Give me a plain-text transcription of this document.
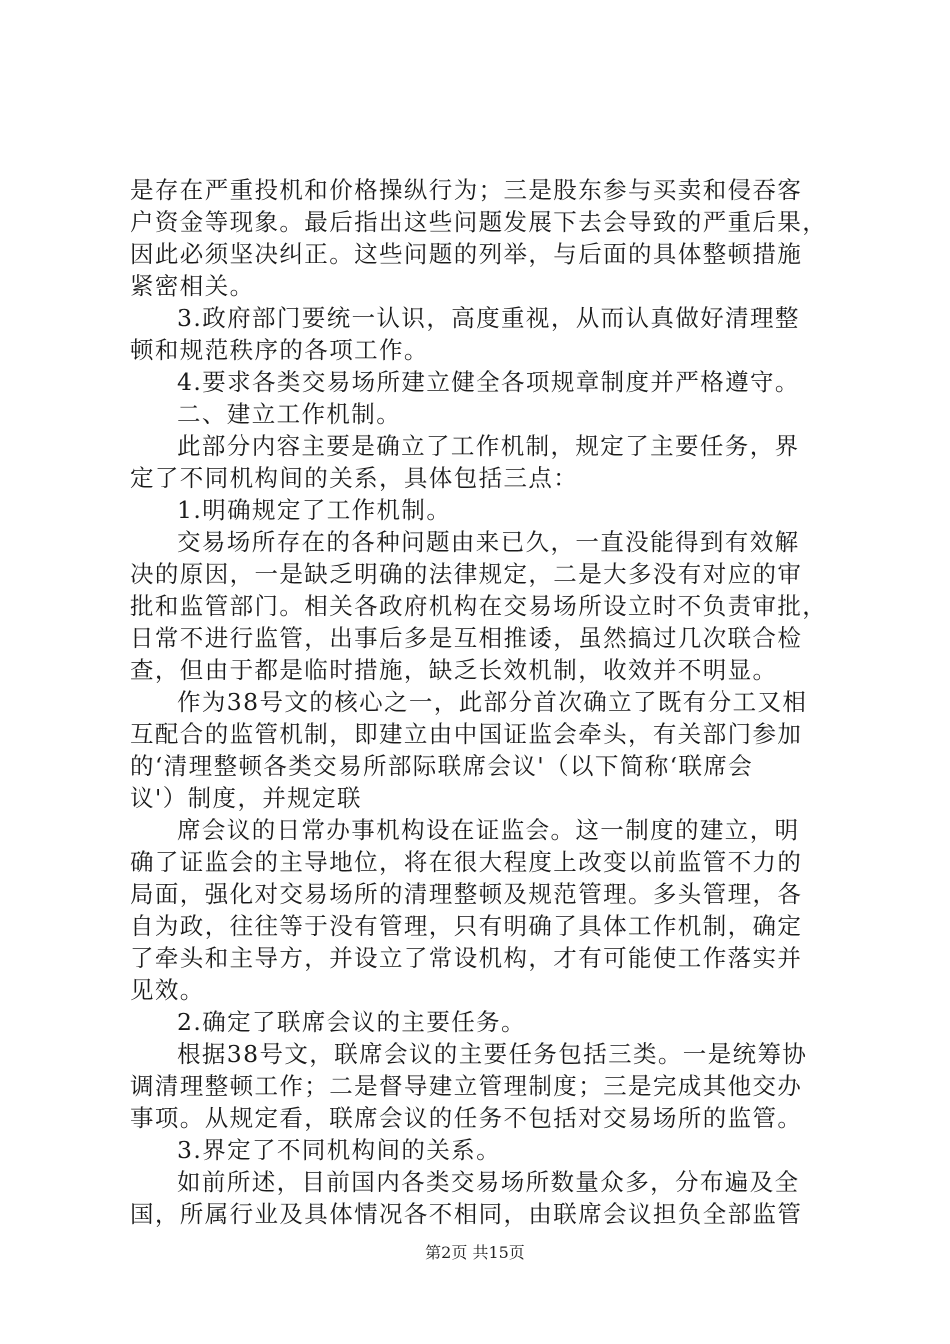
是存在严重投机和价格操纵行为；三是股东参与买卖和侵吞客
户资金等现象。最后指出这些问题发展下去会导致的严重后果，
因此必须坚决纠正。这些问题的列举，与后面的具体整顿措施
紧密相关。
3.政府部门要统一认识，高度重视，从而认真做好清理整
顿和规范秩序的各项工作。
4.要求各类交易场所建立健全各项规章制度并严格遵守。
二、建立工作机制。
此部分内容主要是确立了工作机制，规定了主要任务，界
定了不同机构间的关系，具体包括三点：
1.明确规定了工作机制。
交易场所存在的各种问题由来已久，一直没能得到有效解
决的原因，一是缺乏明确的法律规定，二是大多没有对应的审
批和监管部门。相关各政府机构在交易场所设立时不负责审批，
日常不进行监管，出事后多是互相推诿，虽然搞过几次联合检
查，但由于都是临时措施，缺乏长效机制，收效并不明显。
作为38号文的核心之一，此部分首次确立了既有分工又相
互配合的监管机制，即建立由中国证监会牵头，有关部门参加
的‘清理整顿各类交易所部际联席会议'（以下简称‘联席会
议'）制度，并规定联
席会议的日常办事机构设在证监会。这一制度的建立，明
确了证监会的主导地位，将在很大程度上改变以前监管不力的
局面，强化对交易场所的清理整顿及规范管理。多头管理，各
自为政，往往等于没有管理，只有明确了具体工作机制，确定
了牵头和主导方，并设立了常设机构，才有可能使工作落实并
见效。
2.确定了联席会议的主要任务。
根据38号文，联席会议的主要任务包括三类。一是统筹协
调清理整顿工作；二是督导建立管理制度；三是完成其他交办
事项。从规定看，联席会议的任务不包括对交易场所的监管。
3.界定了不同机构间的关系。
如前所述，目前国内各类交易场所数量众多，分布遍及全
国，所属行业及具体情况各不相同，由联席会议担负全部监管
第2页 共15页
